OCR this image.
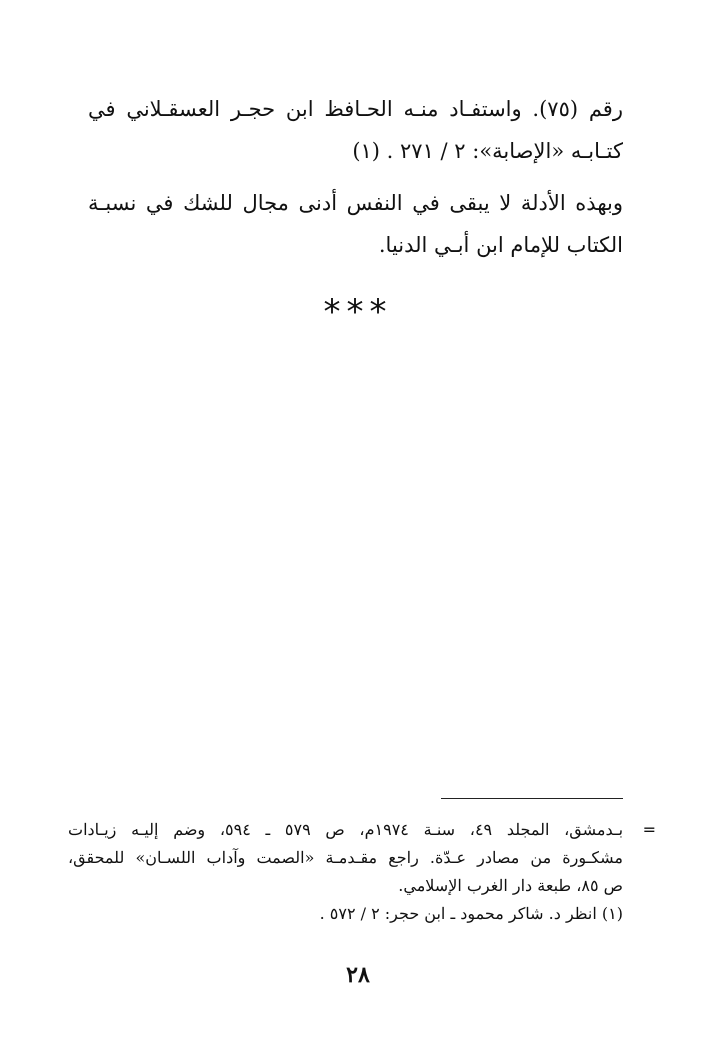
رقم (٧٥). واستفـاد منـه الحـافظ ابن حجـر العسقـلاني في كتـابـه «الإصابة»: ٢ / ٢٧١ . (١)

وبهذه الأدلة لا يبقى في النفس أدنى مجال للشك في نسبـة الكتاب للإمام ابن أبـي الدنيا.

***
=
بـدمشق، المجلد ٤٩، سنـة ١٩٧٤م، ص ٥٧٩ ـ ٥٩٤، وضم إليـه زيـادات
مشكـورة من مصادر عـدّة. راجع مقـدمـة «الصمت وآداب اللسـان» للمحقق،
ص ٨٥، طبعة دار الغرب الإسلامي.
(١) انظر د. شاكر محمود ـ ابن حجر: ٢ / ٥٧٢ .
٢٨
